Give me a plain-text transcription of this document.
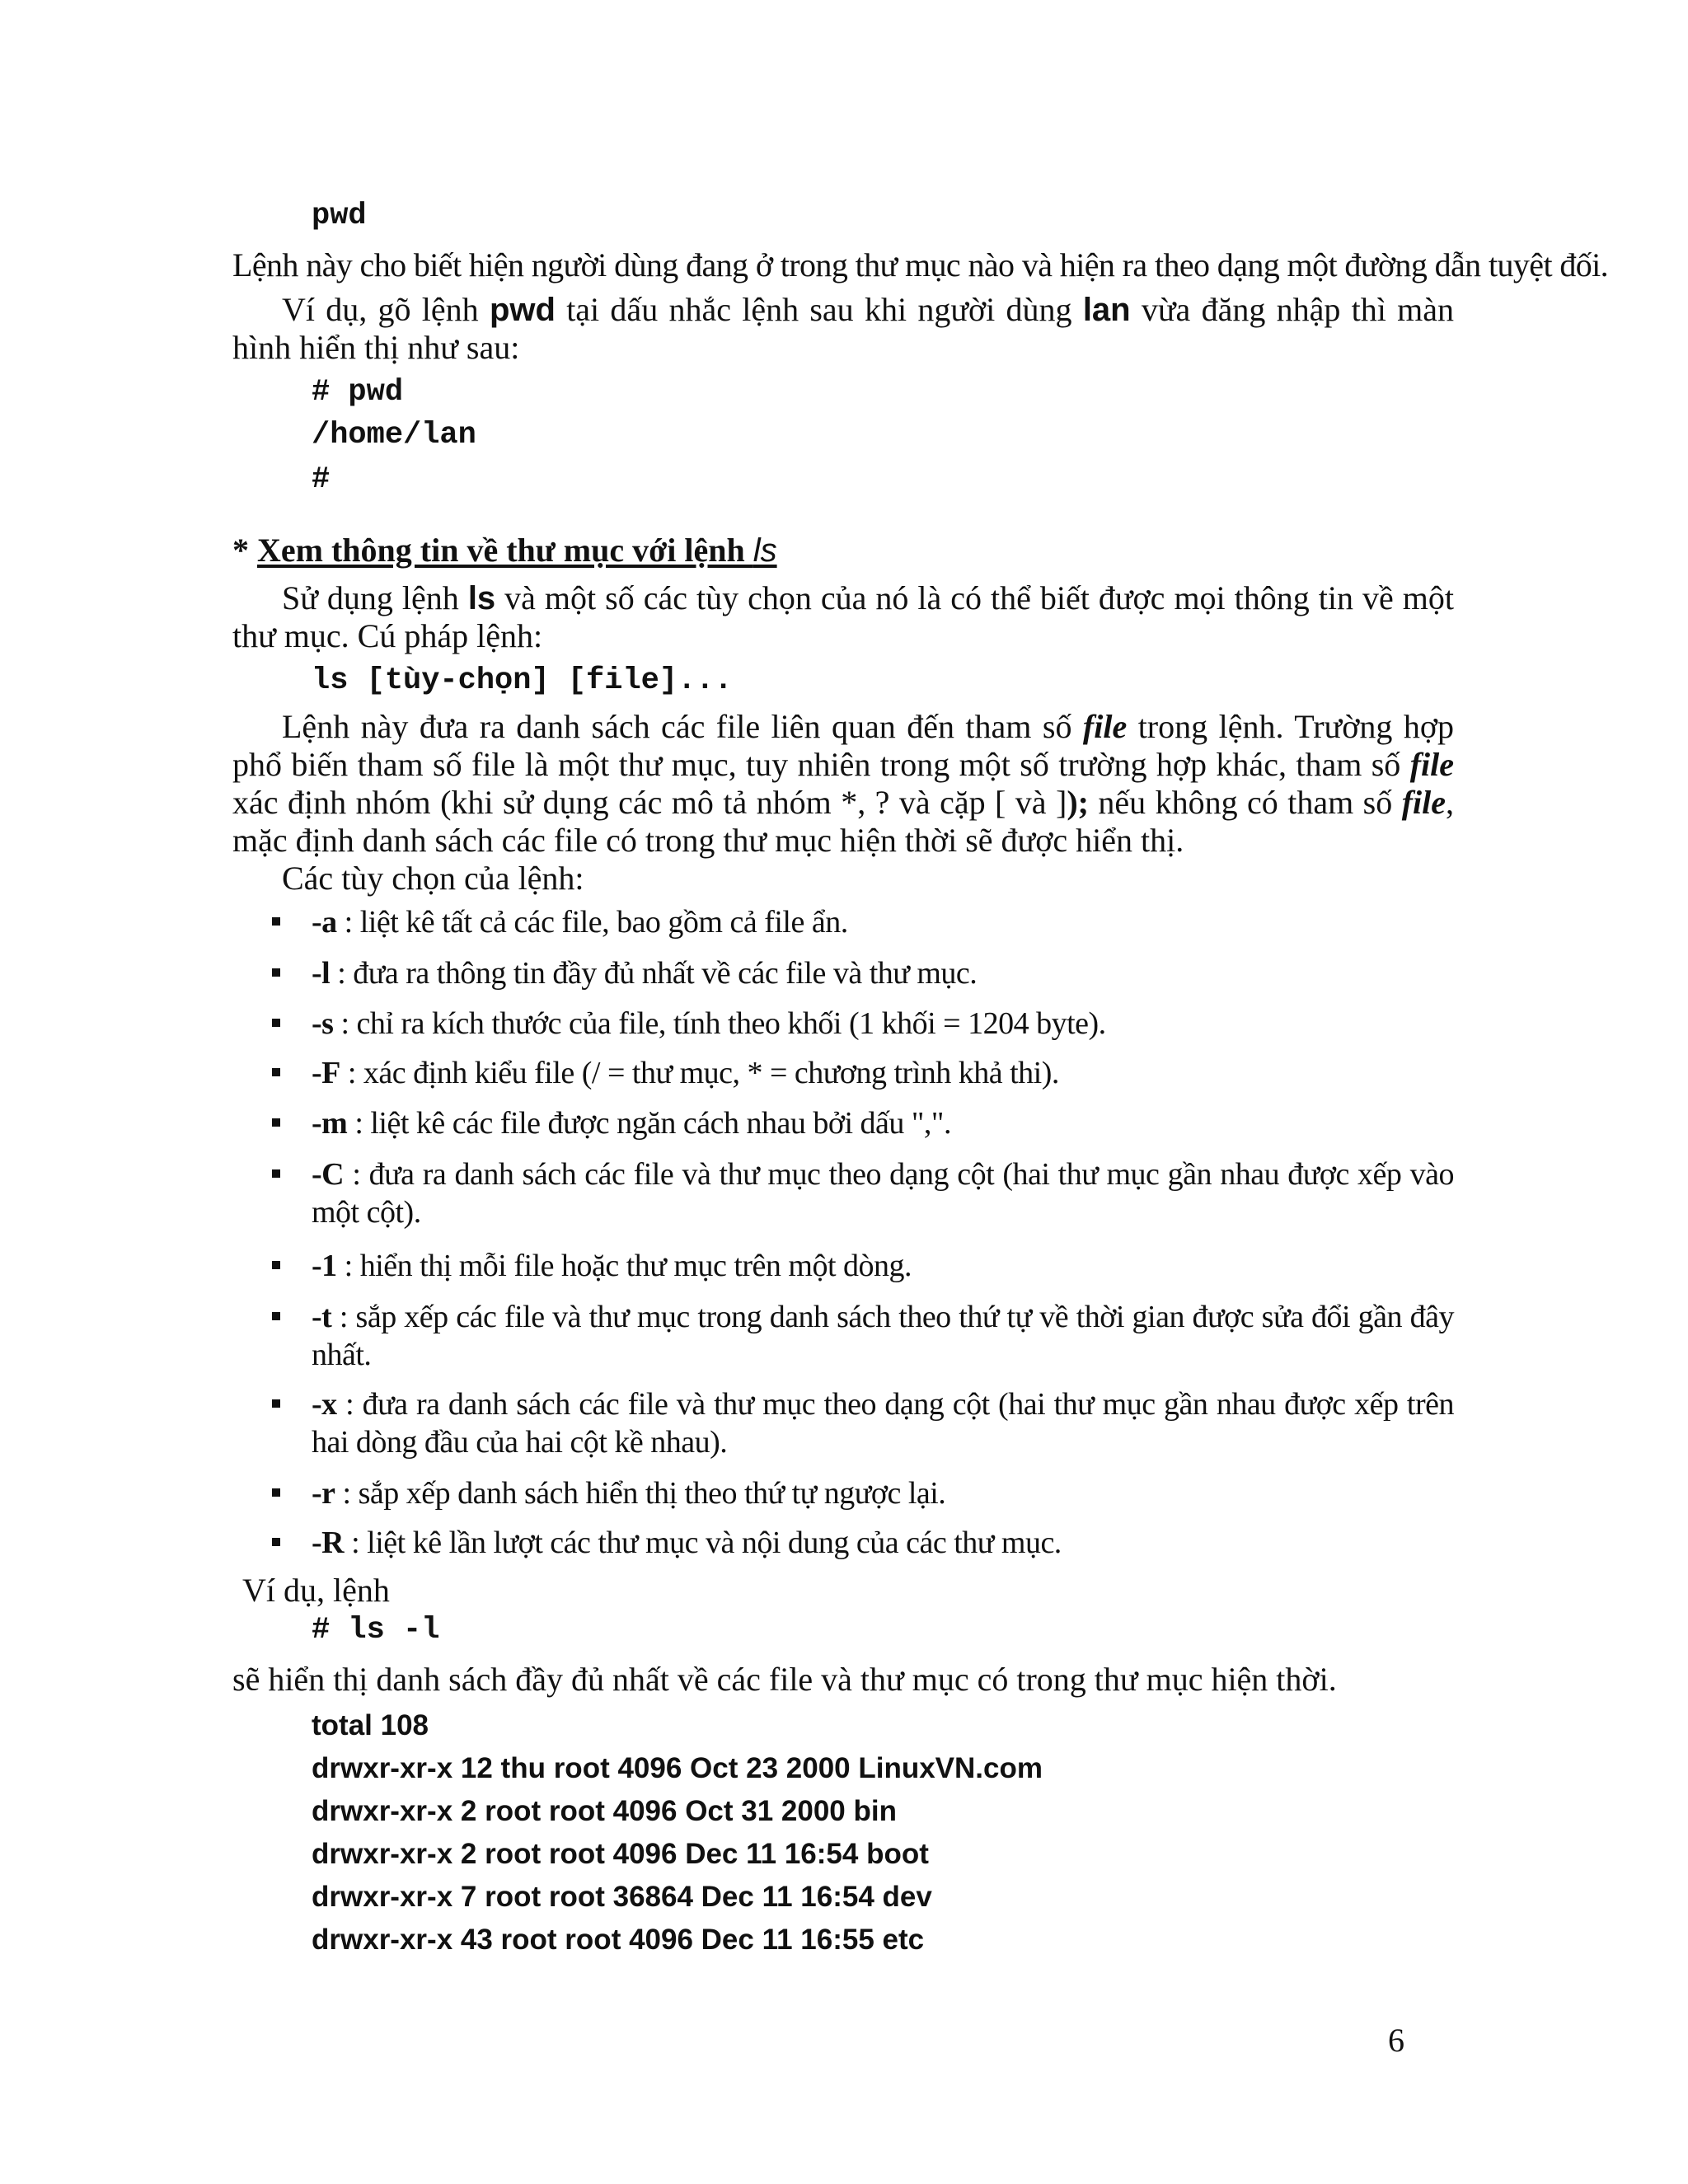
pwd
Lệnh này cho biết hiện người dùng đang ở trong thư mục nào và hiện ra theo dạng một đường dẫn tuyệt đối.
Ví dụ, gõ lệnh pwd tại dấu nhắc lệnh sau khi người dùng lan vừa đăng nhập thì màn
hình hiển thị như sau:
# pwd
/home/lan
#
* Xem thông tin về thư mục với lệnh ls
Sử dụng lệnh ls và một số các tùy chọn của nó là có thể biết được mọi thông tin về một
thư mục. Cú pháp lệnh:
ls [tùy-chọn] [file]...
Lệnh này đưa ra danh sách các file liên quan đến tham số file trong lệnh. Trường hợp
phổ biến tham số file là một thư mục, tuy nhiên trong một số trường hợp khác, tham số file
xác định nhóm (khi sử dụng các mô tả nhóm *, ? và cặp [ và ]); nếu không có tham số file,
mặc định danh sách các file có trong thư mục hiện thời sẽ được hiển thị.
Các tùy chọn của lệnh:
-a : liệt kê tất cả các file, bao gồm cả file ẩn.
-l : đưa ra thông tin đầy đủ nhất về các file và thư mục.
-s : chỉ ra kích thước của file, tính theo khối (1 khối = 1204 byte).
-F : xác định kiểu file (/ = thư mục, * = chương trình khả thi).
-m : liệt kê các file được ngăn cách nhau bởi dấu ",".
-C : đưa ra danh sách các file và thư mục theo dạng cột (hai thư mục gần nhau được xếp vào một cột).
-1 : hiển thị mỗi file hoặc thư mục trên một dòng.
-t : sắp xếp các file và thư mục trong danh sách theo thứ tự về thời gian được sửa đổi gần đây nhất.
-x : đưa ra danh sách các file và thư mục theo dạng cột (hai thư mục gần nhau được xếp trên hai dòng đầu của hai cột kề nhau).
-r : sắp xếp danh sách hiển thị theo thứ tự ngược lại.
-R : liệt kê lần lượt các thư mục và nội dung của các thư mục.
Ví dụ, lệnh
# ls -l
sẽ hiển thị danh sách đầy đủ nhất về các file và thư mục có trong thư mục hiện thời.
total 108
drwxr-xr-x 12 thu root 4096 Oct 23 2000 LinuxVN.com
drwxr-xr-x 2 root root 4096 Oct 31 2000 bin
drwxr-xr-x 2 root root 4096 Dec 11 16:54 boot
drwxr-xr-x 7 root root 36864 Dec 11 16:54 dev
drwxr-xr-x 43 root root 4096 Dec 11 16:55 etc
6
